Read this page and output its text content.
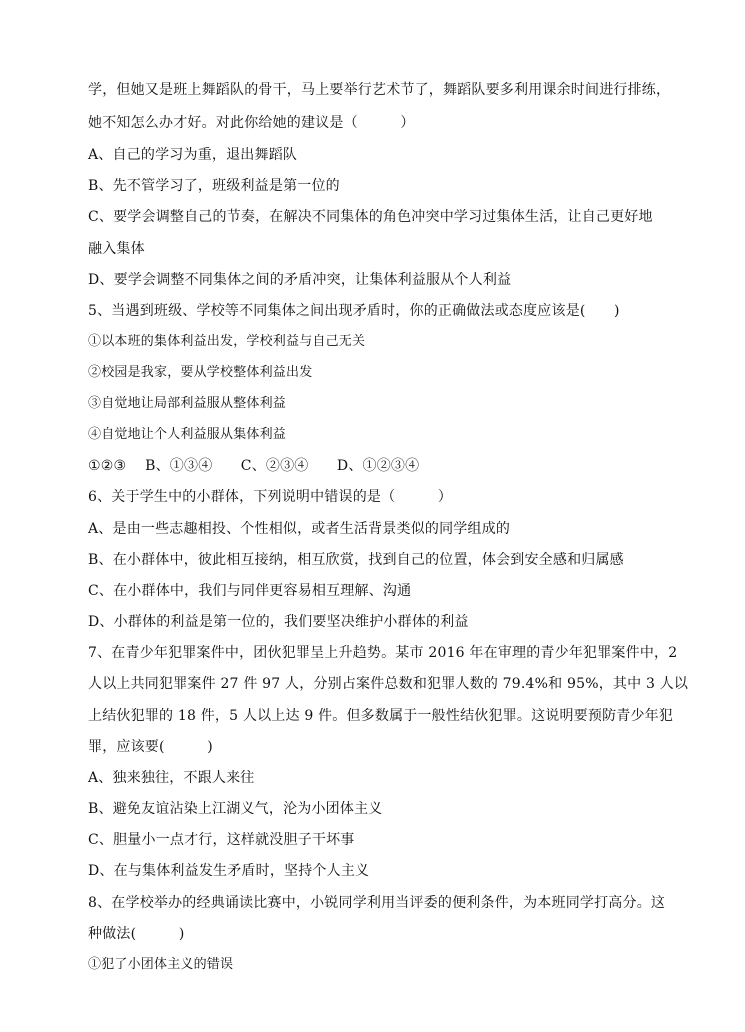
学，但她又是班上舞蹈队的骨干，马上要举行艺术节了，舞蹈队要多利用课余时间进行排练，
她不知怎么办才好。对此你给她的建议是（　　　）
A、自己的学习为重，退出舞蹈队
B、先不管学习了，班级利益是第一位的
C、要学会调整自己的节奏，在解决不同集体的角色冲突中学习过集体生活，让自己更好地
融入集体
D、要学会调整不同集体之间的矛盾冲突，让集体利益服从个人利益
5、当遇到班级、学校等不同集体之间出现矛盾时，你的正确做法或态度应该是(　　)
①以本班的集体利益出发，学校利益与自己无关
②校园是我家，要从学校整体利益出发
③自觉地让局部利益服从整体利益
④自觉地让个人利益服从集体利益
①②③　 B、①③④　　C、②③④　　D、①②③④
6、关于学生中的小群体，下列说明中错误的是（　　　）
A、是由一些志趣相投、个性相似，或者生活背景类似的同学组成的
B、在小群体中，彼此相互接纳，相互欣赏，找到自己的位置，体会到安全感和归属感
C、在小群体中，我们与同伴更容易相互理解、沟通
D、小群体的利益是第一位的，我们要坚决维护小群体的利益
7、在青少年犯罪案件中，团伙犯罪呈上升趋势。某市 2016 年在审理的青少年犯罪案件中，2
人以上共同犯罪案件 27 件 97 人，分别占案件总数和犯罪人数的 79.4%和 95%，其中 3 人以
上结伙犯罪的 18 件，5 人以上达 9 件。但多数属于一般性结伙犯罪。这说明要预防青少年犯
罪，应该要(　　　)
A、独来独往，不跟人来往
B、避免友谊沾染上江湖义气，沦为小团体主义
C、胆量小一点才行，这样就没胆子干坏事
D、在与集体利益发生矛盾时，坚持个人主义
8、在学校举办的经典诵读比赛中，小锐同学利用当评委的便利条件，为本班同学打高分。这
种做法(　　　)
①犯了小团体主义的错误
